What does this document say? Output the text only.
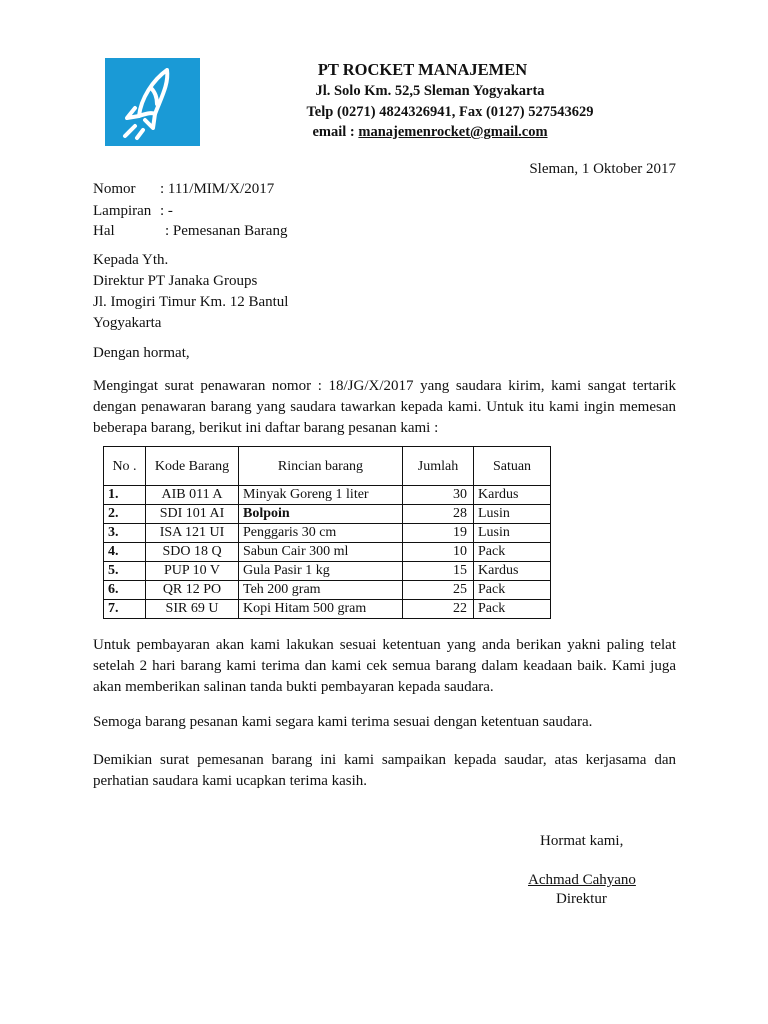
PT ROCKET MANAJEMEN
Jl. Solo Km. 52,5 Sleman Yogyakarta
Telp (0271) 4824326941, Fax (0127) 527543629
email : manajemenrocket@gmail.com
Sleman, 1 Oktober 2017
Nomor : 111/MIM/X/2017
Lampiran : -
Hal	: Pemesanan Barang
Kepada Yth.
Direktur PT Janaka Groups
Jl. Imogiri Timur Km. 12 Bantul
Yogyakarta
Dengan hormat,
Mengingat surat penawaran nomor : 18/JG/X/2017 yang saudara kirim, kami sangat tertarik dengan penawaran barang yang saudara tawarkan kepada kami. Untuk itu kami ingin memesan beberapa barang, berikut ini daftar barang pesanan kami :
No .	Kode Barang	Rincian barang	Jumlah	Satuan
1.	AIB 011 A	Minyak Goreng 1 liter	30	Kardus
2.	SDI 101 AI	Bolpoin	28	Lusin
3.	ISA 121 UI	Penggaris 30 cm	19	Lusin
4.	SDO 18 Q	Sabun Cair 300 ml	10	Pack
5.	PUP 10 V	Gula Pasir 1 kg	15	Kardus
6.	QR 12 PO	Teh 200 gram	25	Pack
7.	SIR 69 U	Kopi Hitam 500 gram	22	Pack
Untuk pembayaran akan kami lakukan sesuai ketentuan yang anda berikan yakni paling telat setelah 2 hari barang kami terima dan kami cek semua barang dalam keadaan baik. Kami juga akan memberikan salinan tanda bukti pembayaran kepada saudara.
Semoga barang pesanan kami segara kami terima sesuai dengan ketentuan saudara.
Demikian surat pemesanan barang ini kami sampaikan kepada saudar, atas kerjasama dan perhatian saudara kami ucapkan terima kasih.
Hormat kami,
Achmad Cahyano
Direktur
